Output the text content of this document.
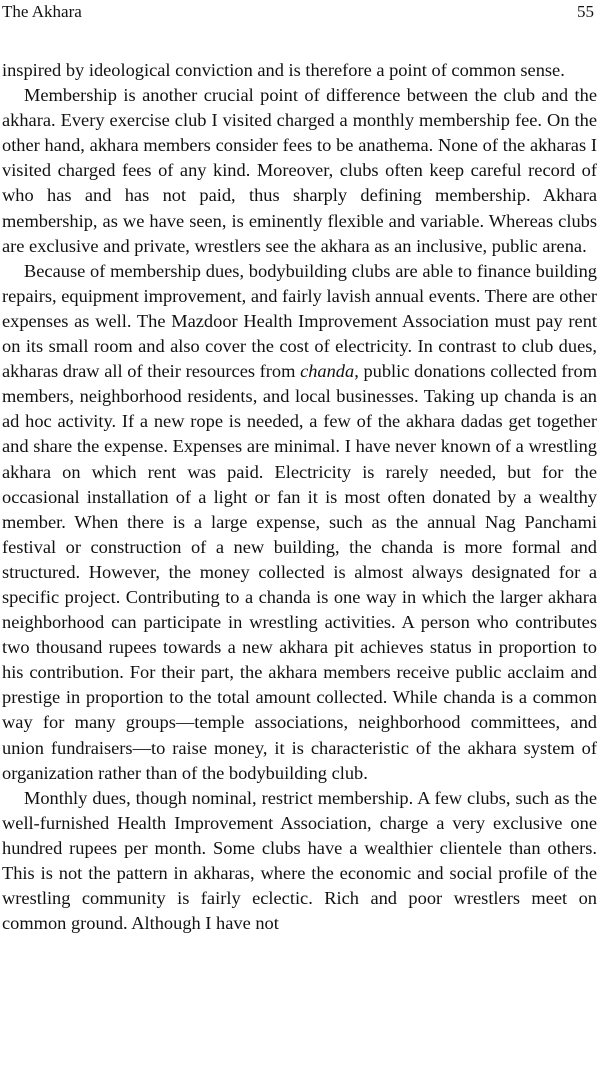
The Akhara	55

inspired by ideological conviction and is therefore a point of common sense.

Membership is another crucial point of difference between the club and the akhara. Every exercise club I visited charged a monthly membership fee. On the other hand, akhara members consider fees to be anathema. None of the akharas I visited charged fees of any kind. Moreover, clubs often keep careful record of who has and has not paid, thus sharply defining membership. Akhara membership, as we have seen, is eminently flexible and variable. Whereas clubs are exclusive and private, wrestlers see the akhara as an inclusive, public arena.

Because of membership dues, bodybuilding clubs are able to finance building repairs, equipment improvement, and fairly lavish annual events. There are other expenses as well. The Mazdoor Health Improvement Association must pay rent on its small room and also cover the cost of electricity. In contrast to club dues, akharas draw all of their resources from chanda, public donations collected from members, neighborhood residents, and local businesses. Taking up chanda is an ad hoc activity. If a new rope is needed, a few of the akhara dadas get together and share the expense. Expenses are minimal. I have never known of a wrestling akhara on which rent was paid. Electricity is rarely needed, but for the occasional installation of a light or fan it is most often donated by a wealthy member. When there is a large expense, such as the annual Nag Panchami festival or construction of a new building, the chanda is more formal and structured. However, the money collected is almost always designated for a specific project. Contributing to a chanda is one way in which the larger akhara neighborhood can participate in wrestling activities. A person who contributes two thousand rupees towards a new akhara pit achieves status in proportion to his contribution. For their part, the akhara members receive public acclaim and prestige in proportion to the total amount collected. While chanda is a common way for many groups—temple associations, neighborhood committees, and union fundraisers—to raise money, it is characteristic of the akhara system of organization rather than of the bodybuilding club.

Monthly dues, though nominal, restrict membership. A few clubs, such as the well-furnished Health Improvement Association, charge a very exclusive one hundred rupees per month. Some clubs have a wealthier clientele than others. This is not the pattern in akharas, where the economic and social profile of the wrestling community is fairly eclectic. Rich and poor wrestlers meet on common ground. Although I have not
